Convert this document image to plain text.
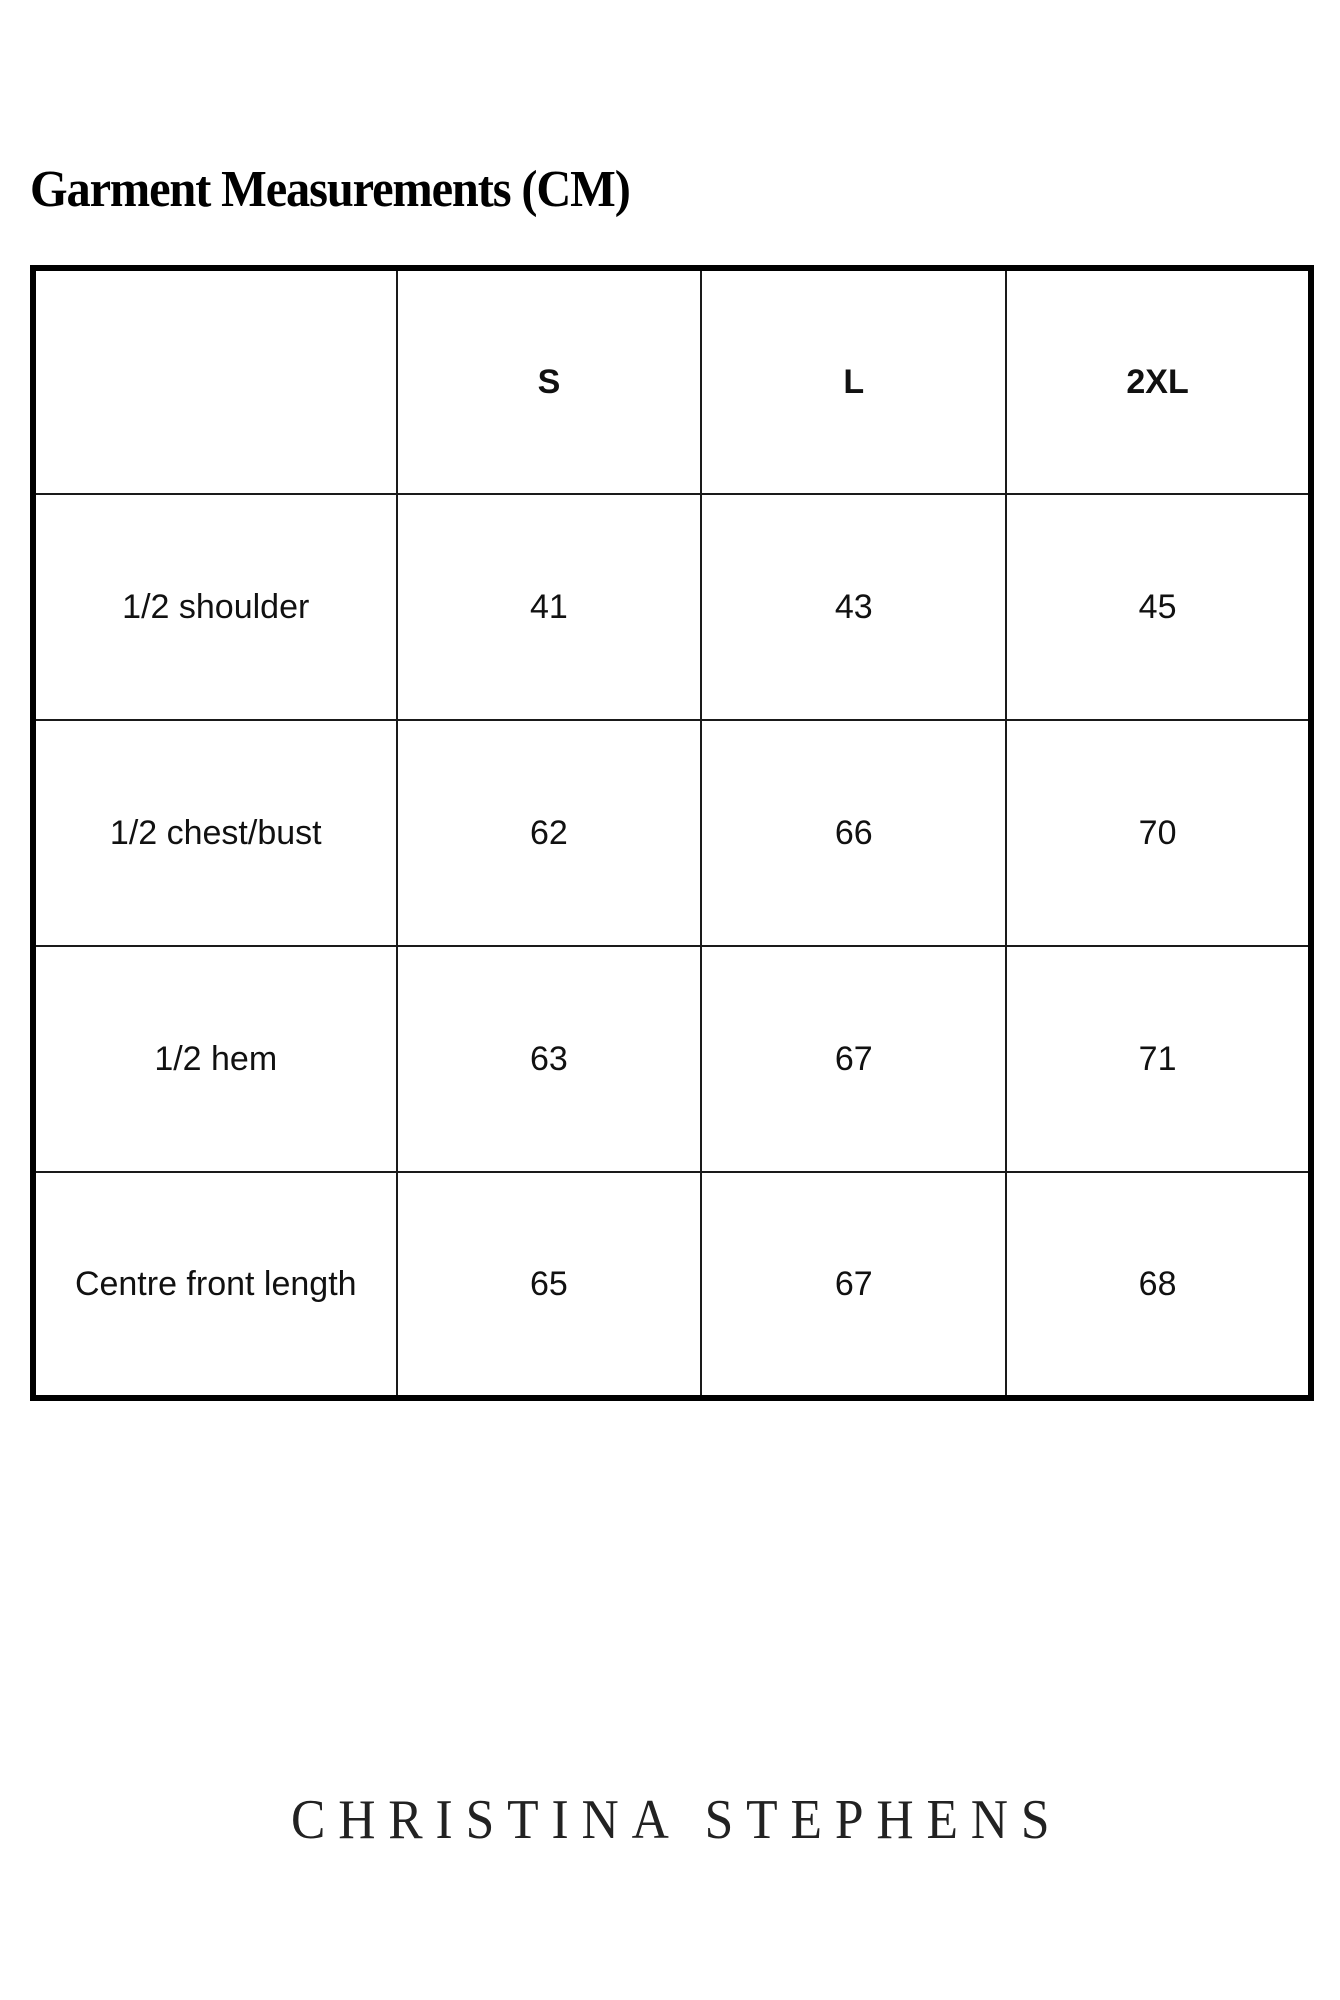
Garment Measurements (CM)
	S	L	2XL
1/2 shoulder	41	43	45
1/2 chest/bust	62	66	70
1/2 hem	63	67	71
Centre front length	65	67	68
CHRISTINA STEPHENS
